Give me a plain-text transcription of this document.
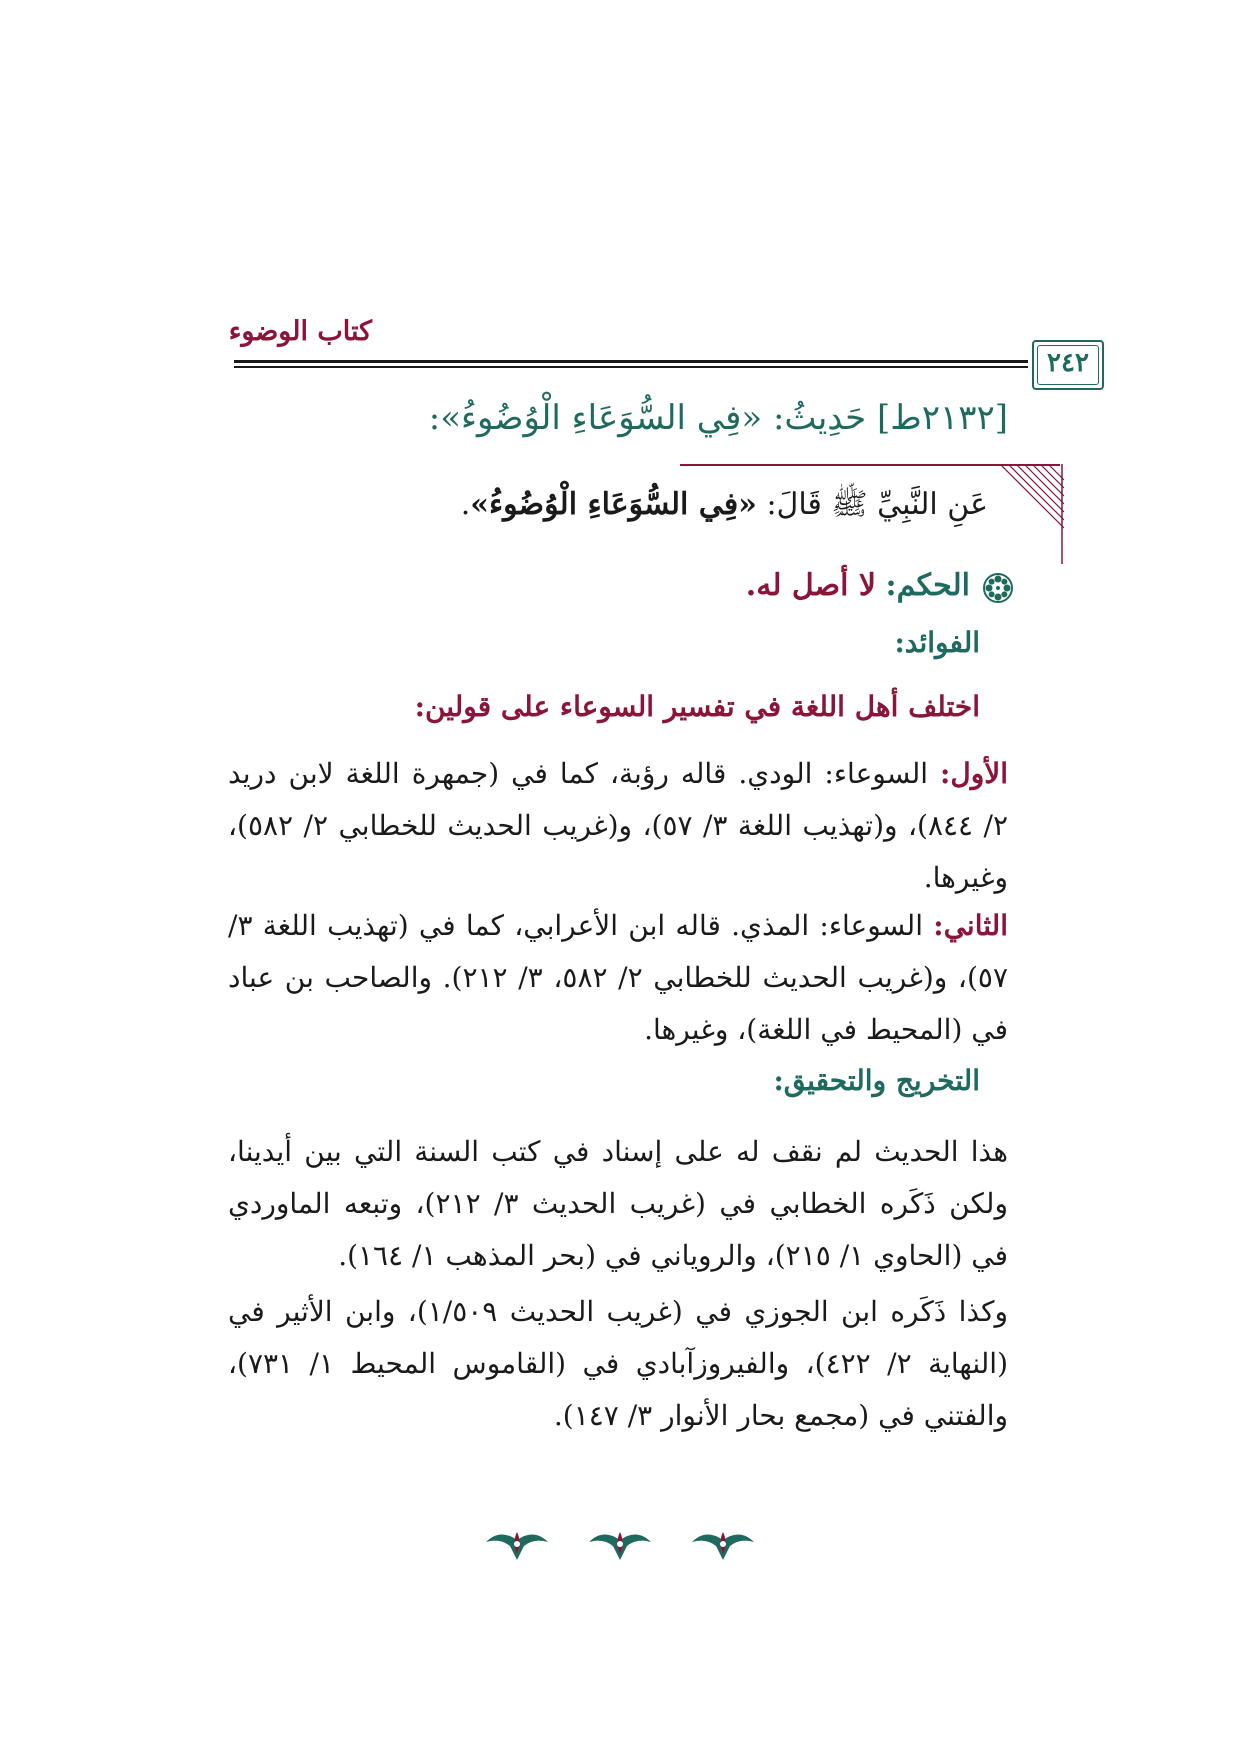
كتاب الوضوء
٢٤٢
[٢١٣٢ط] حَدِيثُ: «فِي السُّوَعَاءِ الْوُضُوءُ»:
عَنِ النَّبِيِّ ﷺ قَالَ: «فِي السُّوَعَاءِ الْوُضُوءُ».
الحكم: لا أصل له.
الفوائد:
اختلف أهل اللغة في تفسير السوعاء على قولين:
الأول: السوعاء: الودي. قاله رؤبة، كما في (جمهرة اللغة لابن دريد ٢/ ٨٤٤)، و(تهذيب اللغة ٣/ ٥٧)، و(غريب الحديث للخطابي ٢/ ٥٨٢)، وغيرها.
الثاني: السوعاء: المذي. قاله ابن الأعرابي، كما في (تهذيب اللغة ٣/ ٥٧)، و(غريب الحديث للخطابي ٢/ ٥٨٢، ٣/ ٢١٢). والصاحب بن عباد في (المحيط في اللغة)، وغيرها.
التخريج والتحقيق:
هذا الحديث لم نقف له على إسناد في كتب السنة التي بين أيدينا، ولكن ذَكَره الخطابي في (غريب الحديث ٣/ ٢١٢)، وتبعه الماوردي في (الحاوي ١/ ٢١٥)، والروياني في (بحر المذهب ١/ ١٦٤).
وكذا ذَكَره ابن الجوزي في (غريب الحديث ١/٥٠٩)، وابن الأثير في (النهاية ٢/ ٤٢٢)، والفيروزآبادي في (القاموس المحيط ١/ ٧٣١)، والفتني في (مجمع بحار الأنوار ٣/ ١٤٧).
